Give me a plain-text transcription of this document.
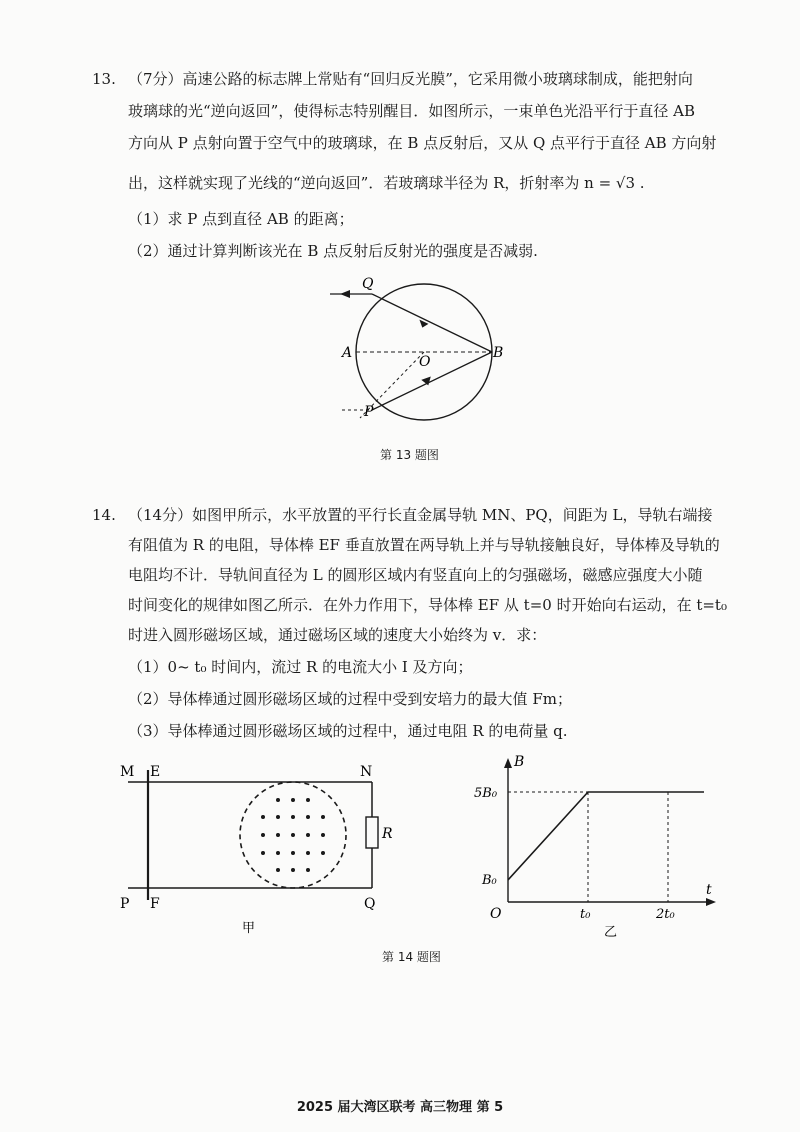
13. （7分）高速公路的标志牌上常贴有“回归反光膜”，它采用微小玻璃球制成，能把射向
玻璃球的光“逆向返回”，使得标志特别醒目．如图所示，一束单色光沿平行于直径 AB
方向从 P 点射向置于空气中的玻璃球，在 B 点反射后，又从 Q 点平行于直径 AB 方向射
出，这样就实现了光线的“逆向返回”．若玻璃球半径为 R，折射率为 n = √3 .
（1）求 P 点到直径 AB 的距离；
（2）通过计算判断该光在 B 点反射后反射光的强度是否减弱.
Q
A
O
B
P
第 13 题图
14. （14分）如图甲所示，水平放置的平行长直金属导轨 MN、PQ，间距为 L，导轨右端接
有阻值为 R 的电阻，导体棒 EF 垂直放置在两导轨上并与导轨接触良好，导体棒及导轨的
电阻均不计．导轨间直径为 L 的圆形区域内有竖直向上的匀强磁场，磁感应强度大小随
时间变化的规律如图乙所示．在外力作用下，导体棒 EF 从 t=0 时开始向右运动，在 t=t₀
时进入圆形磁场区域，通过磁场区域的速度大小始终为 v．求：
（1）0~ t₀ 时间内，流过 R 的电流大小 I 及方向；
（2）导体棒通过圆形磁场区域的过程中受到安培力的最大值 Fm；
（3）导体棒通过圆形磁场区域的过程中，通过电阻 R 的电荷量 q.
M E	N
R
P F	Q
甲
B
t
O
5B₀
B₀
t₀	2t₀
乙
第 14 题图
2025 届大湾区联考 高三物理 第 5
